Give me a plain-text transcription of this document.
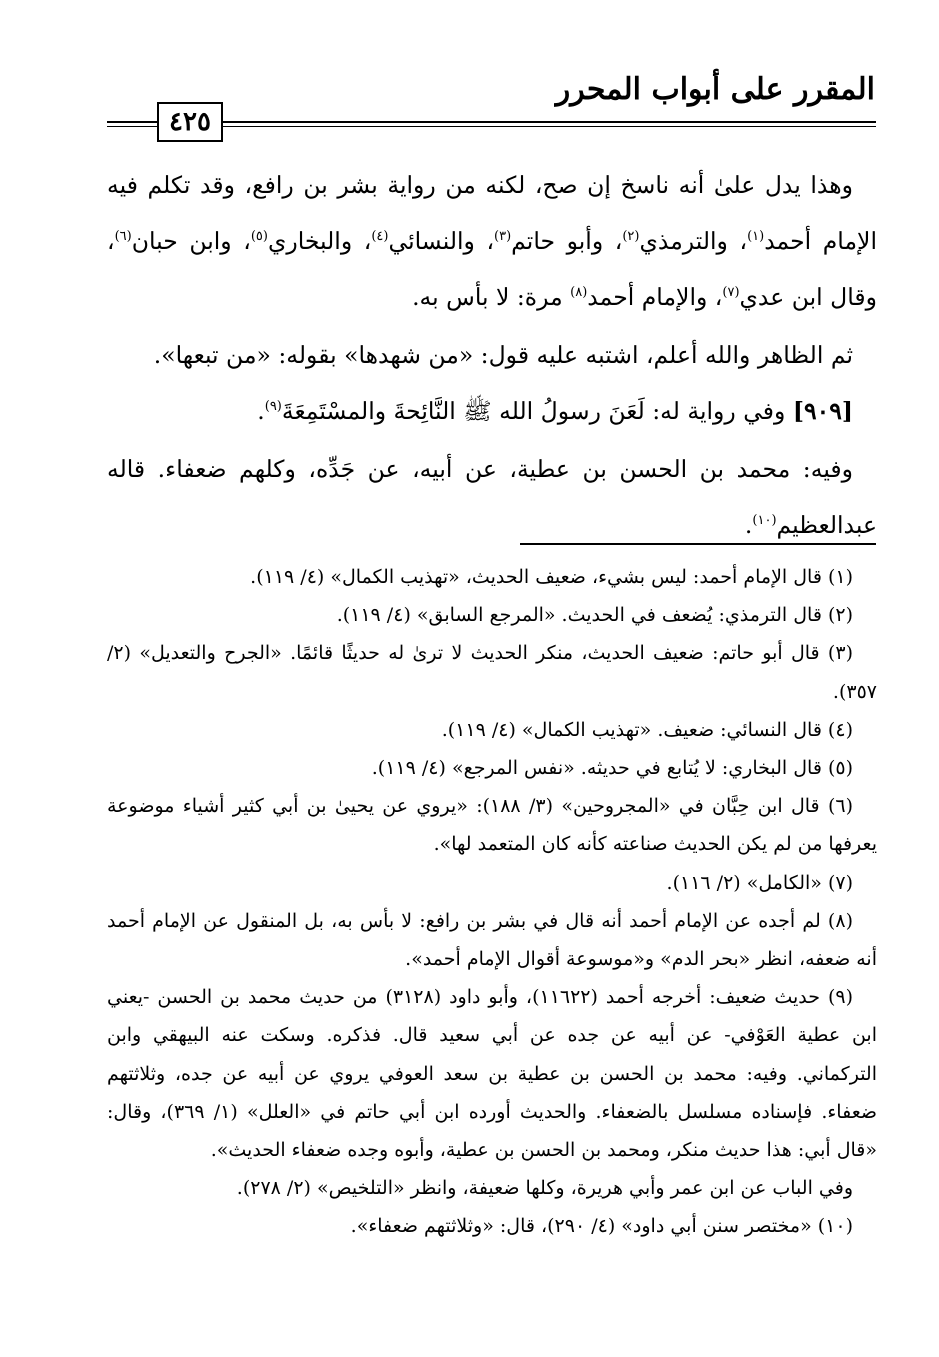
المقرر على أبواب المحرر
٤٢٥

وهذا يدل علىٰ أنه ناسخ إن صح، لكنه من رواية بشر بن رافع، وقد تكلم فيه الإمام أحمد$^{(١)}$، والترمذي$^{(٢)}$، وأبو حاتم$^{(٣)}$، والنسائي$^{(٤)}$، والبخاري$^{(٥)}$، وابن حبان$^{(٦)}$، وقال ابن عدي$^{(٧)}$، والإمام أحمد$^{(٨)}$ مرة: لا بأس به.

ثم الظاهر والله أعلم، اشتبه عليه قول: «من شهدها» بقوله: «من تبعها».

[٩٠٩] وفي رواية له: لَعَنَ رسولُ الله ﷺ النَّائِحةَ والمسْتَمِعَةَ$^{(٩)}$.

وفيه: محمد بن الحسن بن عطية، عن أبيه، عن جَدِّه، وكلهم ضعفاء. قاله عبدالعظيم$^{(١٠)}$.

(١) قال الإمام أحمد: ليس بشيء، ضعيف الحديث، «تهذيب الكمال» (٤/ ١١٩).

(٢) قال الترمذي: يُضعف في الحديث. «المرجع السابق» (٤/ ١١٩).

(٣) قال أبو حاتم: ضعيف الحديث، منكر الحديث لا ترىٰ له حديثًا قائمًا. «الجرح والتعديل» (٢/ ٣٥٧).

(٤) قال النسائي: ضعيف. «تهذيب الكمال» (٤/ ١١٩).

(٥) قال البخاري: لا يُتابع في حديثه. «نفس المرجع» (٤/ ١١٩).

(٦) قال ابن حِبَّان في «المجروحين» (٣/ ١٨٨): «يروي عن يحيىٰ بن أبي كثير أشياء موضوعة يعرفها من لم يكن الحديث صناعته كأنه كان المتعمد لها».

(٧) «الكامل» (٢/ ١١٦).

(٨) لم أجده عن الإمام أحمد أنه قال في بشر بن رافع: لا بأس به، بل المنقول عن الإمام أحمد أنه ضعفه، انظر «بحر الدم» و«موسوعة أقوال الإمام أحمد».

(٩) حديث ضعيف: أخرجه أحمد (١١٦٢٢)، وأبو داود (٣١٢٨) من حديث محمد بن الحسن -يعني ابن عطية العَوْفي- عن أبيه عن جده عن أبي سعيد قال. فذكره. وسكت عنه البيهقي وابن التركماني. وفيه: محمد بن الحسن بن عطية بن سعد العوفي يروي عن أبيه عن جده، وثلاثتهم ضعفاء. فإسناده مسلسل بالضعفاء. والحديث أورده ابن أبي حاتم في «العلل» (١/ ٣٦٩)، وقال: «قال أبي: هذا حديث منكر، ومحمد بن الحسن بن عطية، وأبوه وجده ضعفاء الحديث».

وفي الباب عن ابن عمر وأبي هريرة، وكلها ضعيفة، وانظر «التلخيص» (٢/ ٢٧٨).

(١٠) «مختصر سنن أبي داود» (٤/ ٢٩٠)، قال: «وثلاثتهم ضعفاء».
